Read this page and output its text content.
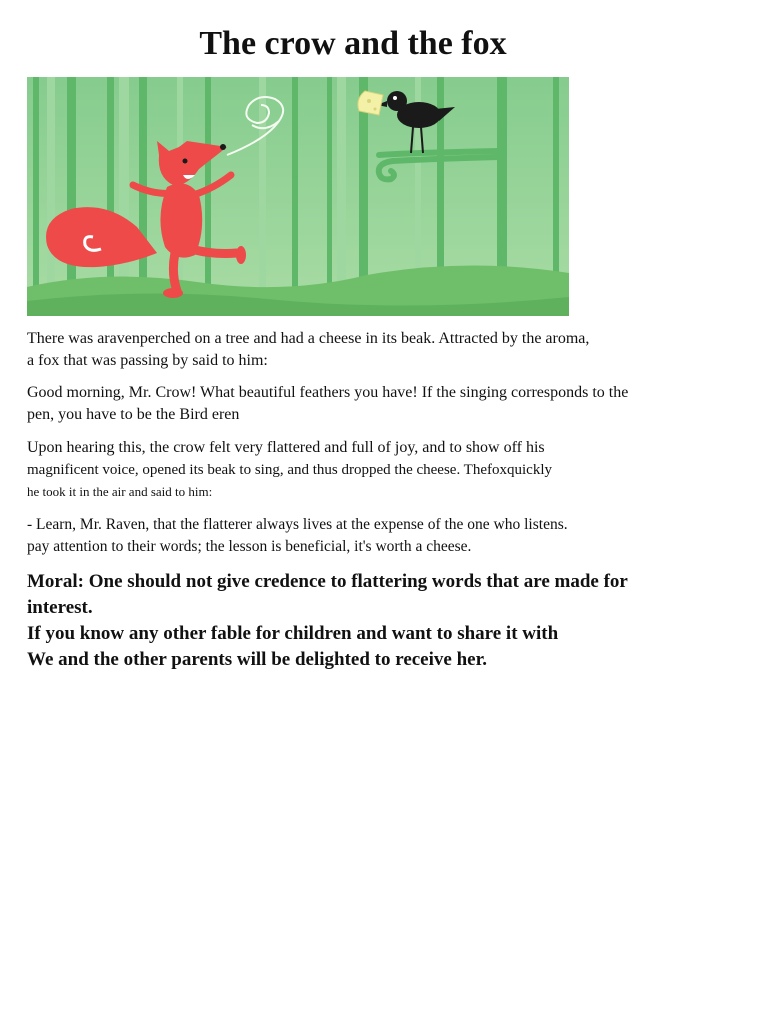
The crow and the fox
There was aravenperched on a tree and had a cheese in its beak. Attracted by the aroma,
a fox that was passing by said to him:
Good morning, Mr. Crow! What beautiful feathers you have! If the singing corresponds to the
pen, you have to be the Bird eren
Upon hearing this, the crow felt very flattered and full of joy, and to show off his
magnificent voice, opened its beak to sing, and thus dropped the cheese. Thefoxquickly
he took it in the air and said to him:
- Learn, Mr. Raven, that the flatterer always lives at the expense of the one who listens.
pay attention to their words; the lesson is beneficial, it's worth a cheese.
Moral: One should not give credence to flattering words that are made for
interest.
If you know any other fable for children and want to share it with
We and the other parents will be delighted to receive her.
